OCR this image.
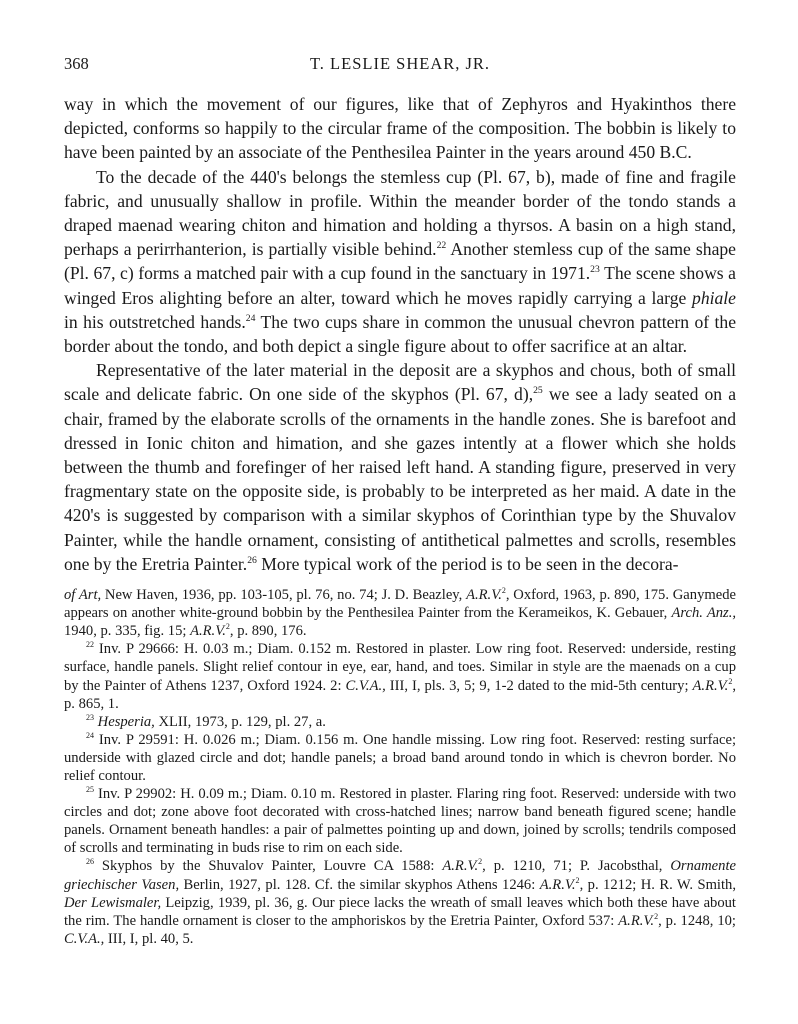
368	T. LESLIE SHEAR, JR.

way in which the movement of our figures, like that of Zephyros and Hyakinthos there depicted, conforms so happily to the circular frame of the composition. The bobbin is likely to have been painted by an associate of the Penthesilea Painter in the years around 450 B.C.

To the decade of the 440's belongs the stemless cup (Pl. 67, b), made of fine and fragile fabric, and unusually shallow in profile. Within the meander border of the tondo stands a draped maenad wearing chiton and himation and holding a thyrsos. A basin on a high stand, perhaps a perirrhanterion, is partially visible behind.$^{22}$ Another stemless cup of the same shape (Pl. 67, c) forms a matched pair with a cup found in the sanctuary in 1971.23 The scene shows a winged Eros alighting before an alter, toward which he moves rapidly carrying a large phiale in his outstretched hands.$^{24}$ The two cups share in common the unusual chevron pattern of the border about the tondo, and both depict a single figure about to offer sacrifice at an altar.

Representative of the later material in the deposit are a skyphos and chous, both of small scale and delicate fabric. On one side of the skyphos (Pl. 67, d),$^{25}$ we see a lady seated on a chair, framed by the elaborate scrolls of the ornaments in the handle zones. She is barefoot and dressed in Ionic chiton and himation, and she gazes intently at a flower which she holds between the thumb and forefinger of her raised left hand. A standing figure, preserved in very fragmentary state on the opposite side, is probably to be interpreted as her maid. A date in the 420's is suggested by comparison with a similar skyphos of Corinthian type by the Shuvalov Painter, while the handle ornament, consisting of antithetical palmettes and scrolls, resembles one by the Eretria Painter.$^{26}$ More typical work of the period is to be seen in the decora-

of Art, New Haven, 1936, pp. 103-105, pl. 76, no. 74; J. D. Beazley, A.R.V.$^2$, Oxford, 1963, p. 890, 175. Ganymede appears on another white-ground bobbin by the Penthesilea Painter from the Kerameikos, K. Gebauer, Arch. Anz., 1940, p. 335, fig. 15; A.R.V.$^2$, p. 890, 176.

$^{22}$ Inv. P 29666: H. 0.03 m.; Diam. 0.152 m. Restored in plaster. Low ring foot. Reserved: underside, resting surface, handle panels. Slight relief contour in eye, ear, hand, and toes. Similar in style are the maenads on a cup by the Painter of Athens 1237, Oxford 1924. 2: C.V.A., III, I, pls. 3, 5; 9, 1-2 dated to the mid-5th century; A.R.V.$^2$, p. 865, 1.

$^{23}$ Hesperia, XLII, 1973, p. 129, pl. 27, a.

$^{24}$ Inv. P 29591: H. 0.026 m.; Diam. 0.156 m. One handle missing. Low ring foot. Reserved: resting surface; underside with glazed circle and dot; handle panels; a broad band around tondo in which is chevron border. No relief contour.

$^{25}$ Inv. P 29902: H. 0.09 m.; Diam. 0.10 m. Restored in plaster. Flaring ring foot. Reserved: underside with two circles and dot; zone above foot decorated with cross-hatched lines; narrow band beneath figured scene; handle panels. Ornament beneath handles: a pair of palmettes pointing up and down, joined by scrolls; tendrils composed of scrolls and terminating in buds rise to rim on each side.

$^{26}$ Skyphos by the Shuvalov Painter, Louvre CA 1588: A.R.V.$^2$, p. 1210, 71; P. Jacobsthal, Ornamente griechischer Vasen, Berlin, 1927, pl. 128. Cf. the similar skyphos Athens 1246: A.R.V.$^2$, p. 1212; H. R. W. Smith, Der Lewismaler, Leipzig, 1939, pl. 36, g. Our piece lacks the wreath of small leaves which both these have about the rim. The handle ornament is closer to the amphoriskos by the Eretria Painter, Oxford 537: A.R.V.$^2$, p. 1248, 10; C.V.A., III, I, pl. 40, 5.
